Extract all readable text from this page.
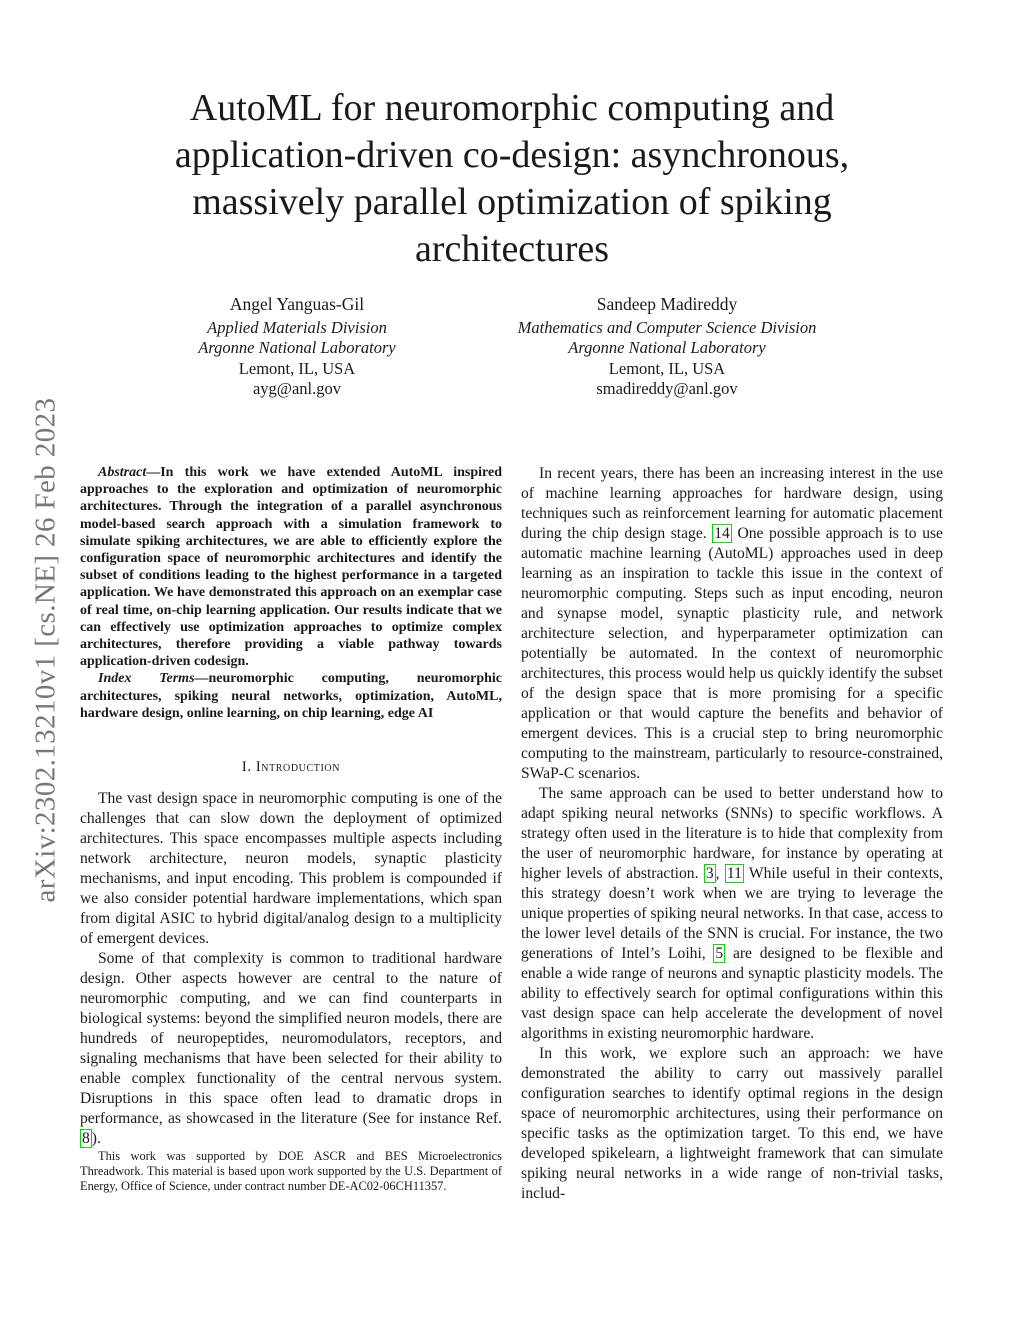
arXiv:2302.13210v1 [cs.NE] 26 Feb 2023
AutoML for neuromorphic computing and application-driven co-design: asynchronous, massively parallel optimization of spiking architectures
Angel Yanguas-Gil
Applied Materials Division
Argonne National Laboratory
Lemont, IL, USA
ayg@anl.gov
Sandeep Madireddy
Mathematics and Computer Science Division
Argonne National Laboratory
Lemont, IL, USA
smadireddy@anl.gov

Abstract—In this work we have extended AutoML inspired approaches to the exploration and optimization of neuromorphic architectures. Through the integration of a parallel asynchronous model-based search approach with a simulation framework to simulate spiking architectures, we are able to efficiently explore the configuration space of neuromorphic architectures and identify the subset of conditions leading to the highest performance in a targeted application. We have demonstrated this approach on an exemplar case of real time, on-chip learning application. Our results indicate that we can effectively use optimization approaches to optimize complex architectures, therefore providing a viable pathway towards application-driven codesign.

Index Terms—neuromorphic computing, neuromorphic architectures, spiking neural networks, optimization, AutoML, hardware design, online learning, on chip learning, edge AI

I. Introduction

The vast design space in neuromorphic computing is one of the challenges that can slow down the deployment of optimized architectures. This space encompasses multiple aspects including network architecture, neuron models, synaptic plasticity mechanisms, and input encoding. This problem is compounded if we also consider potential hardware implementations, which span from digital ASIC to hybrid digital/analog design to a multiplicity of emergent devices.

Some of that complexity is common to traditional hardware design. Other aspects however are central to the nature of neuromorphic computing, and we can find counterparts in biological systems: beyond the simplified neuron models, there are hundreds of neuropeptides, neuromodulators, receptors, and signaling mechanisms that have been selected for their ability to enable complex functionality of the central nervous system. Disruptions in this space often lead to dramatic drops in performance, as showcased in the literature (See for instance Ref. 8 ).

This work was supported by DOE ASCR and BES Microelectronics Threadwork. This material is based upon work supported by the U.S. Department of Energy, Office of Science, under contract number DE-AC02-06CH11357.

In recent years, there has been an increasing interest in the use of machine learning approaches for hardware design, using techniques such as reinforcement learning for automatic placement during the chip design stage. 14 One possible approach is to use automatic machine learning (AutoML) approaches used in deep learning as an inspiration to tackle this issue in the context of neuromorphic computing. Steps such as input encoding, neuron and synapse model, synaptic plasticity rule, and network architecture selection, and hyperparameter optimization can potentially be automated. In the context of neuromorphic architectures, this process would help us quickly identify the subset of the design space that is more promising for a specific application or that would capture the benefits and behavior of emergent devices. This is a crucial step to bring neuromorphic computing to the mainstream, particularly to resource-constrained, SWaP-C scenarios.

The same approach can be used to better understand how to adapt spiking neural networks (SNNs) to specific workflows. A strategy often used in the literature is to hide that complexity from the user of neuromorphic hardware, for instance by operating at higher levels of abstraction. 3 , 11 While useful in their contexts, this strategy doesn’t work when we are trying to leverage the unique properties of spiking neural networks. In that case, access to the lower level details of the SNN is crucial. For instance, the two generations of Intel’s Loihi, 5 are designed to be flexible and enable a wide range of neurons and synaptic plasticity models. The ability to effectively search for optimal configurations within this vast design space can help accelerate the development of novel algorithms in existing neuromorphic hardware.

In this work, we explore such an approach: we have demonstrated the ability to carry out massively parallel configuration searches to identify optimal regions in the design space of neuromorphic architectures, using their performance on specific tasks as the optimization target. To this end, we have developed spikelearn, a lightweight framework that can simulate spiking neural networks in a wide range of non-trivial tasks, includ-
